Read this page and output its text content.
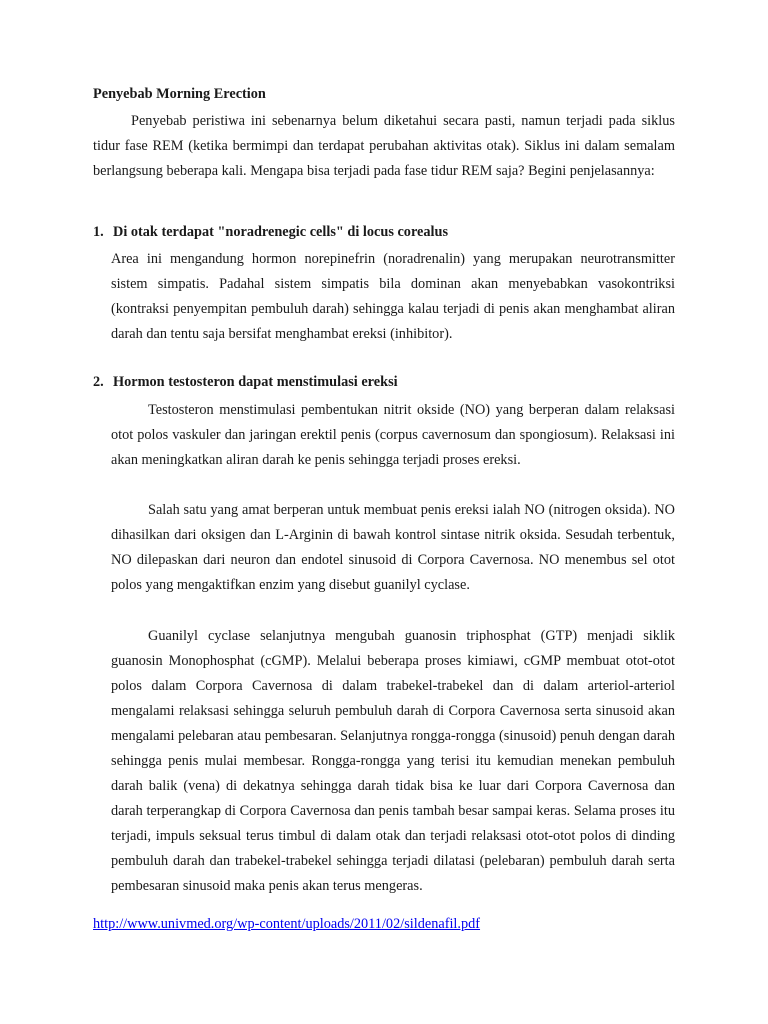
Penyebab Morning Erection

Penyebab peristiwa ini sebenarnya belum diketahui secara pasti, namun terjadi pada siklus tidur fase REM (ketika bermimpi dan terdapat perubahan aktivitas otak). Siklus ini dalam semalam berlangsung beberapa kali. Mengapa bisa terjadi pada fase tidur REM saja? Begini penjelasannya:

1. Di otak terdapat "noradrenegic cells" di locus corealus

Area ini mengandung hormon norepinefrin (noradrenalin) yang merupakan neurotransmitter sistem simpatis. Padahal sistem simpatis bila dominan akan menyebabkan vasokontriksi (kontraksi penyempitan pembuluh darah) sehingga kalau terjadi di penis akan menghambat aliran darah dan tentu saja bersifat menghambat ereksi (inhibitor).

2. Hormon testosteron dapat menstimulasi ereksi

Testosteron menstimulasi pembentukan nitrit okside (NO) yang berperan dalam relaksasi otot polos vaskuler dan jaringan erektil penis (corpus cavernosum dan spongiosum). Relaksasi ini akan meningkatkan aliran darah ke penis sehingga terjadi proses ereksi.

Salah satu yang amat berperan untuk membuat penis ereksi ialah NO (nitrogen oksida). NO dihasilkan dari oksigen dan L-Arginin di bawah kontrol sintase nitrik oksida. Sesudah terbentuk, NO dilepaskan dari neuron dan endotel sinusoid di Corpora Cavernosa. NO menembus sel otot polos yang mengaktifkan enzim yang disebut guanilyl cyclase.

Guanilyl cyclase selanjutnya mengubah guanosin triphosphat (GTP) menjadi siklik guanosin Monophosphat (cGMP). Melalui beberapa proses kimiawi, cGMP membuat otot-otot polos dalam Corpora Cavernosa di dalam trabekel-trabekel dan di dalam arteriol-arteriol mengalami relaksasi sehingga seluruh pembuluh darah di Corpora Cavernosa serta sinusoid akan mengalami pelebaran atau pembesaran. Selanjutnya rongga-rongga (sinusoid) penuh dengan darah sehingga penis mulai membesar. Rongga-rongga yang terisi itu kemudian menekan pembuluh darah balik (vena) di dekatnya sehingga darah tidak bisa ke luar dari Corpora Cavernosa dan darah terperangkap di Corpora Cavernosa dan penis tambah besar sampai keras. Selama proses itu terjadi, impuls seksual terus timbul di dalam otak dan terjadi relaksasi otot-otot polos di dinding pembuluh darah dan trabekel-trabekel sehingga terjadi dilatasi (pelebaran) pembuluh darah serta pembesaran sinusoid maka penis akan terus mengeras.

http://www.univmed.org/wp-content/uploads/2011/02/sildenafil.pdf
